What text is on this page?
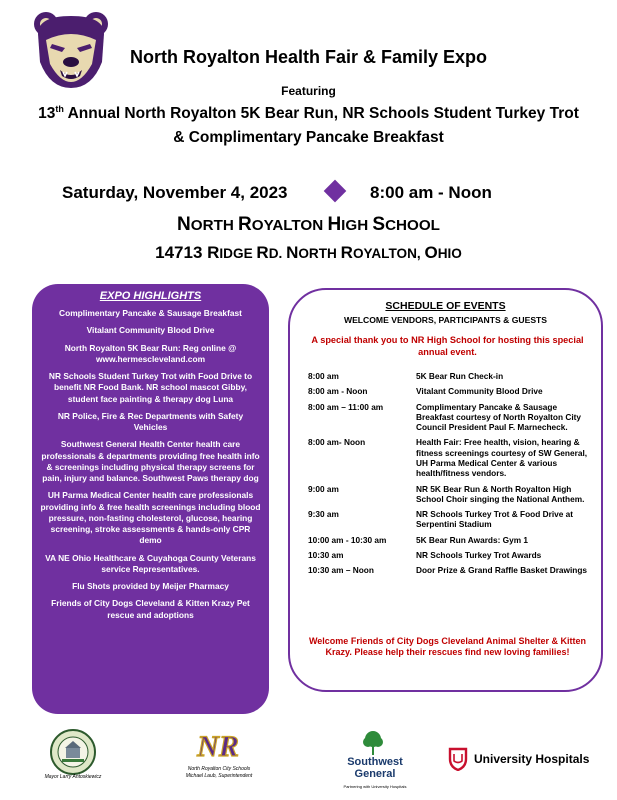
North Royalton Health Fair & Family Expo
Featuring
13th Annual North Royalton 5K Bear Run, NR Schools Student Turkey Trot
& Complimentary Pancake Breakfast
Saturday, November 4, 2023	8:00 am - Noon
NORTH ROYALTON HIGH SCHOOL
14713 RIDGE RD. NORTH ROYALTON, OHIO
EXPO HIGHLIGHTS
Complimentary Pancake & Sausage Breakfast
Vitalant Community Blood Drive
North Royalton 5K Bear Run: Reg online @ www.hermescleveland.com
NR Schools Student Turkey Trot with Food Drive to benefit NR Food Bank. NR school mascot Gibby, student face painting & therapy dog Luna
NR Police, Fire & Rec Departments with Safety Vehicles
Southwest General Health Center health care professionals & departments providing free health info & screenings including physical therapy screens for pain, injury and balance. Southwest Paws therapy dog
UH Parma Medical Center health care professionals providing info & free health screenings including blood pressure, non-fasting cholesterol, glucose, hearing screening, stroke assessments & hands-only CPR demo
VA NE Ohio Healthcare & Cuyahoga County Veterans service Representatives.
Flu Shots provided by Meijer Pharmacy
Friends of City Dogs Cleveland & Kitten Krazy Pet rescue and adoptions
SCHEDULE OF EVENTS
WELCOME VENDORS, PARTICIPANTS & GUESTS
A special thank you to NR High School for hosting this special annual event.
8:00 am	5K Bear Run Check-in
8:00 am - Noon	Vitalant Community Blood Drive
8:00 am – 11:00 am	Complimentary Pancake & Sausage Breakfast courtesy of North Royalton City Council President Paul F. Marnecheck.
8:00 am- Noon	Health Fair: Free health, vision, hearing & fitness screenings courtesy of SW General, UH Parma Medical Center & various health/fitness vendors.
9:00 am	NR 5K Bear Run & North Royalton High School Choir singing the National Anthem.
9:30 am	NR Schools Turkey Trot & Food Drive at Serpentini Stadium
10:00 am - 10:30 am	5K Bear Run Awards: Gym 1
10:30 am	NR Schools Turkey Trot Awards
10:30 am – Noon	Door Prize & Grand Raffle Basket Drawings
Welcome Friends of City Dogs Cleveland Animal Shelter & Kitten Krazy. Please help their rescues find new loving families!
Mayor Larry Antoskiewicz
NR
North Royalton City Schools
Michael Laub, Superintendent
Southwest
General
Partnering with University Hospitals
University Hospitals
